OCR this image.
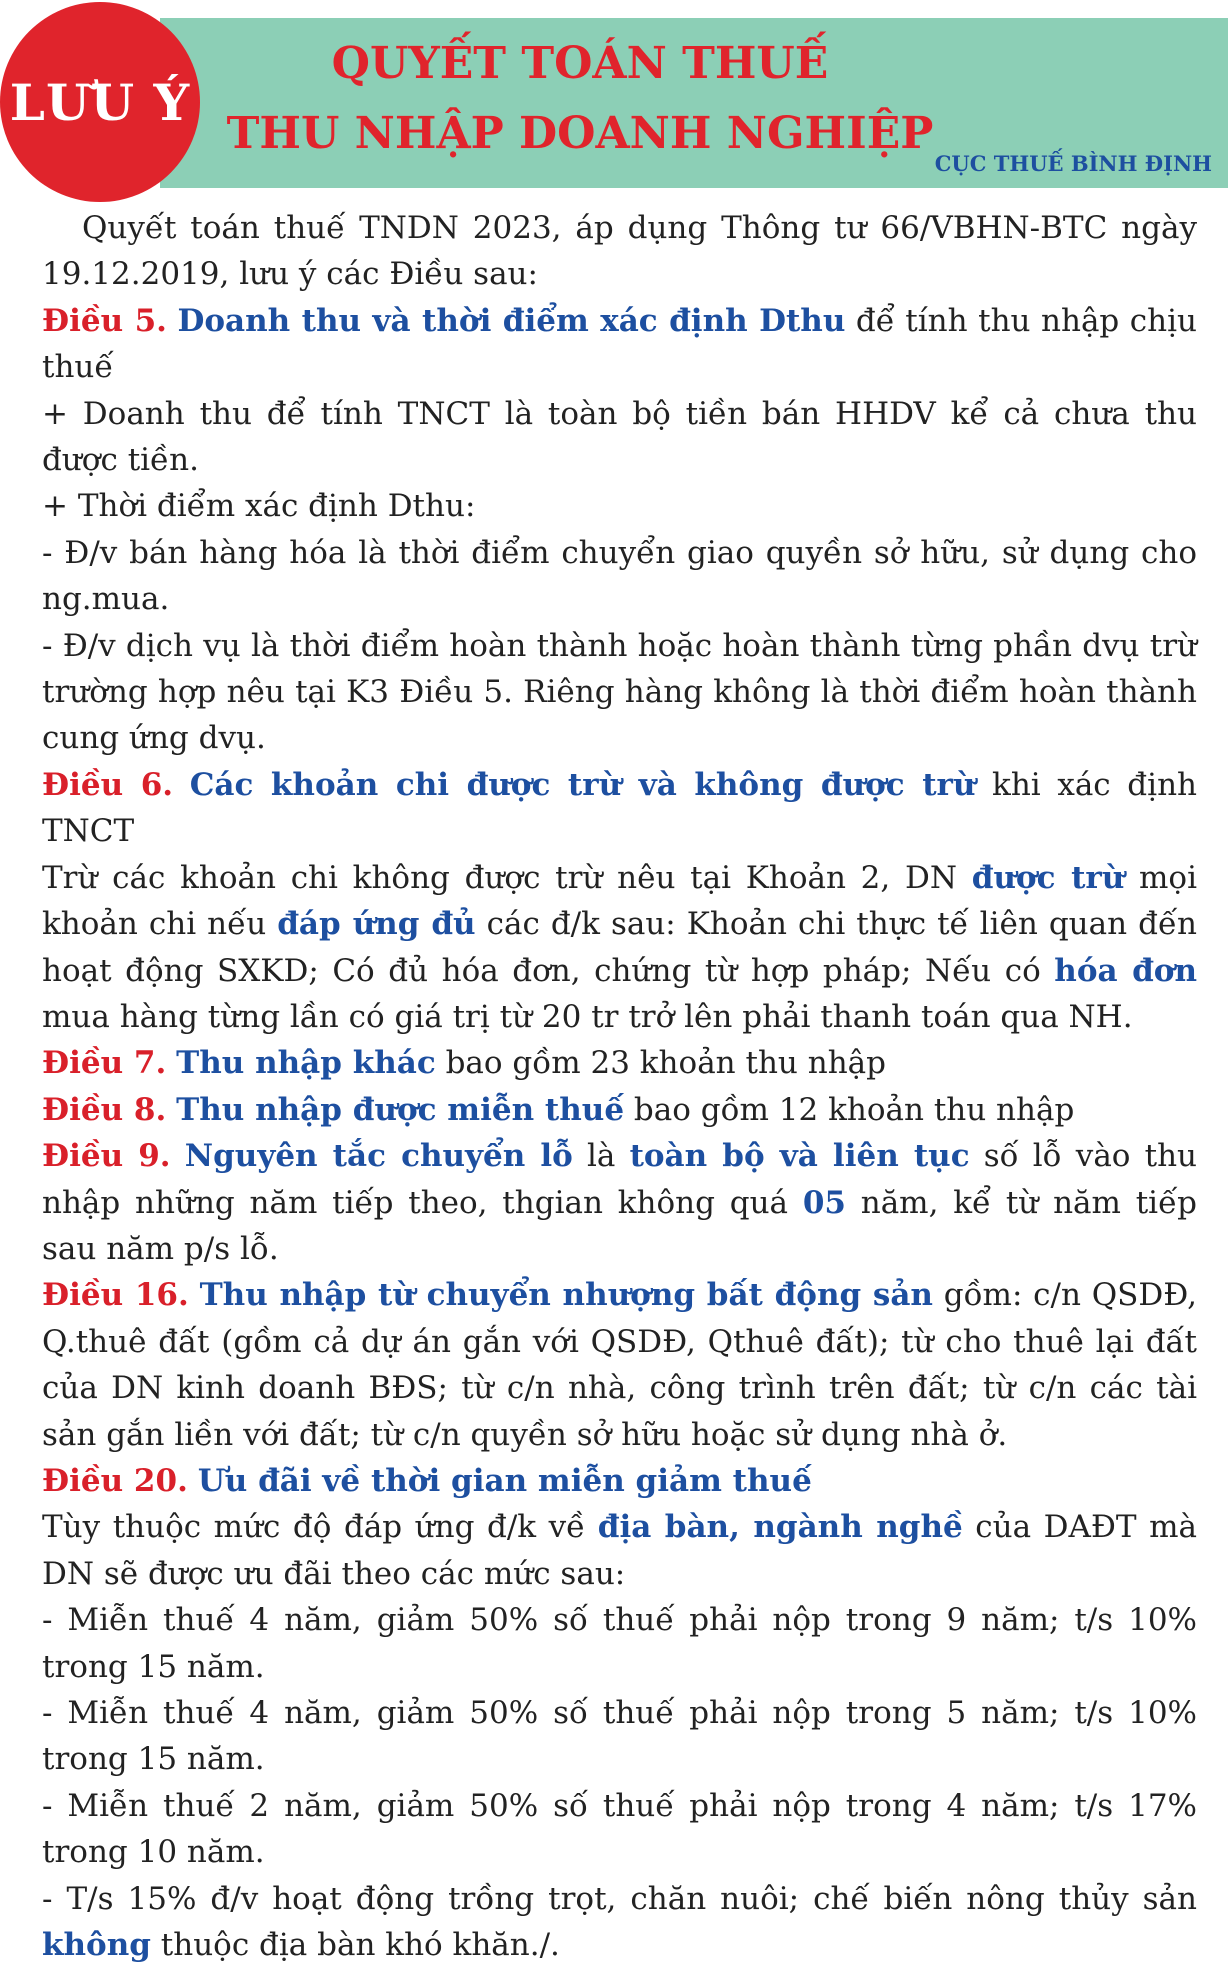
LƯU Ý
QUYẾT TOÁN THUẾ
THU NHẬP DOANH NGHIỆP
CỤC THUẾ BÌNH ĐỊNH

Quyết toán thuế TNDN 2023, áp dụng Thông tư 66/VBHN-BTC ngày 19.12.2019, lưu ý các Điều sau:

Điều 5. Doanh thu và thời điểm xác định Dthu để tính thu nhập chịu thuế

+ Doanh thu để tính TNCT là toàn bộ tiền bán HHDV kể cả chưa thu được tiền.

+ Thời điểm xác định Dthu:

- Đ/v bán hàng hóa là thời điểm chuyển giao quyền sở hữu, sử dụng cho ng.mua.

- Đ/v dịch vụ là thời điểm hoàn thành hoặc hoàn thành từng phần dvụ trừ trường hợp nêu tại K3 Điều 5. Riêng hàng không là thời điểm hoàn thành cung ứng dvụ.

Điều 6. Các khoản chi được trừ và không được trừ khi xác định TNCT

Trừ các khoản chi không được trừ nêu tại Khoản 2, DN được trừ mọi khoản chi nếu đáp ứng đủ các đ/k sau: Khoản chi thực tế liên quan đến hoạt động SXKD; Có đủ hóa đơn, chứng từ hợp pháp; Nếu có hóa đơn mua hàng từng lần có giá trị từ 20 tr trở lên phải thanh toán qua NH.

Điều 7. Thu nhập khác bao gồm 23 khoản thu nhập

Điều 8. Thu nhập được miễn thuế bao gồm 12 khoản thu nhập

Điều 9. Nguyên tắc chuyển lỗ là toàn bộ và liên tục số lỗ vào thu nhập những năm tiếp theo, thgian không quá 05 năm, kể từ năm tiếp sau năm p/s lỗ.

Điều 16. Thu nhập từ chuyển nhượng bất động sản gồm: c/n QSDĐ, Q.thuê đất (gồm cả dự án gắn với QSDĐ, Qthuê đất); từ cho thuê lại đất của DN kinh doanh BĐS; từ c/n nhà, công trình trên đất; từ c/n các tài sản gắn liền với đất; từ c/n quyền sở hữu hoặc sử dụng nhà ở.

Điều 20. Ưu đãi về thời gian miễn giảm thuế

Tùy thuộc mức độ đáp ứng đ/k về địa bàn, ngành nghề của DAĐT mà DN sẽ được ưu đãi theo các mức sau:

- Miễn thuế 4 năm, giảm 50% số thuế phải nộp trong 9 năm; t/s 10% trong 15 năm.

- Miễn thuế 4 năm, giảm 50% số thuế phải nộp trong 5 năm; t/s 10% trong 15 năm.

- Miễn thuế 2 năm, giảm 50% số thuế phải nộp trong 4 năm; t/s 17% trong 10 năm.

- T/s 15% đ/v hoạt động trồng trọt, chăn nuôi; chế biến nông thủy sản không thuộc địa bàn khó khăn./.
